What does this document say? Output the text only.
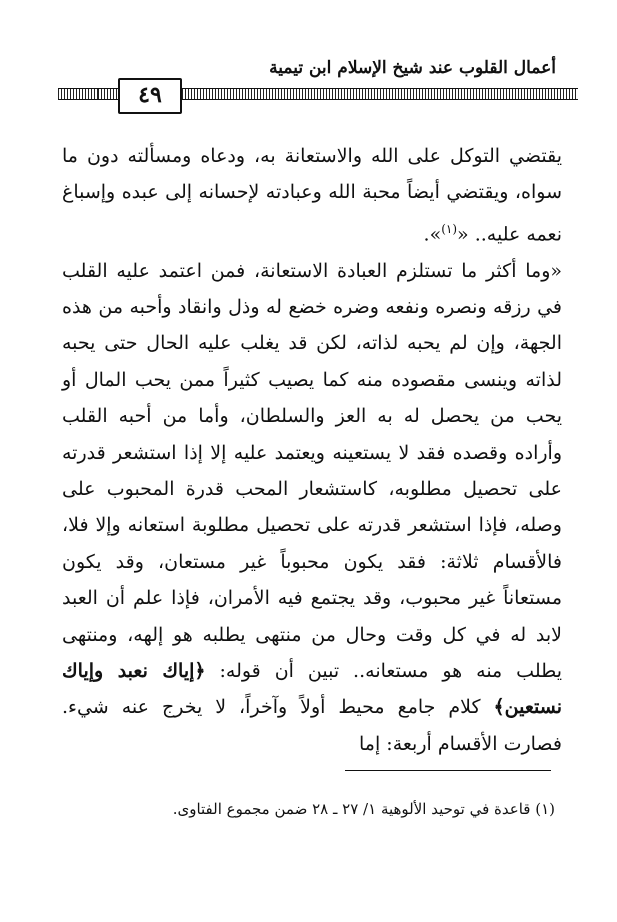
٤٩
أعمال القلوب عند شيخ الإسلام ابن تيمية

يقتضي التوكل على الله والاستعانة به، ودعاه ومسألته دون ما سواه، ويقتضي أيضاً محبة الله وعبادته لإحسانه إلى عبده وإسباغ نعمه عليه.. «$^{(١)}$».

«وما أكثر ما تستلزم العبادة الاستعانة، فمن اعتمد عليه القلب في رزقه ونصره ونفعه وضره خضع له وذل وانقاد وأحبه من هذه الجهة، وإن لم يحبه لذاته، لكن قد يغلب عليه الحال حتى يحبه لذاته وينسى مقصوده منه كما يصيب كثيراً ممن يحب المال أو يحب من يحصل له به العز والسلطان، وأما من أحبه القلب وأراده وقصده فقد لا يستعينه ويعتمد عليه إلا إذا استشعر قدرته على تحصيل مطلوبه، كاستشعار المحب قدرة المحبوب على وصله، فإذا استشعر قدرته على تحصيل مطلوبة استعانه وإلا فلا، فالأقسام ثلاثة: فقد يكون محبوباً غير مستعان، وقد يكون مستعاناً غير محبوب، وقد يجتمع فيه الأمران، فإذا علم أن العبد لابد له في كل وقت وحال من منتهى يطلبه هو إلهه، ومنتهى يطلب منه هو مستعانه.. تبين أن قوله: ﴿إياك نعبد وإياك نستعين﴾ كلام جامع محيط أولاً وآخراً، لا يخرج عنه شيء. فصارت الأقسام أربعة: إما

(١) قاعدة في توحيد الألوهية ١/ ٢٧ ـ ٢٨ ضمن مجموع الفتاوى.
